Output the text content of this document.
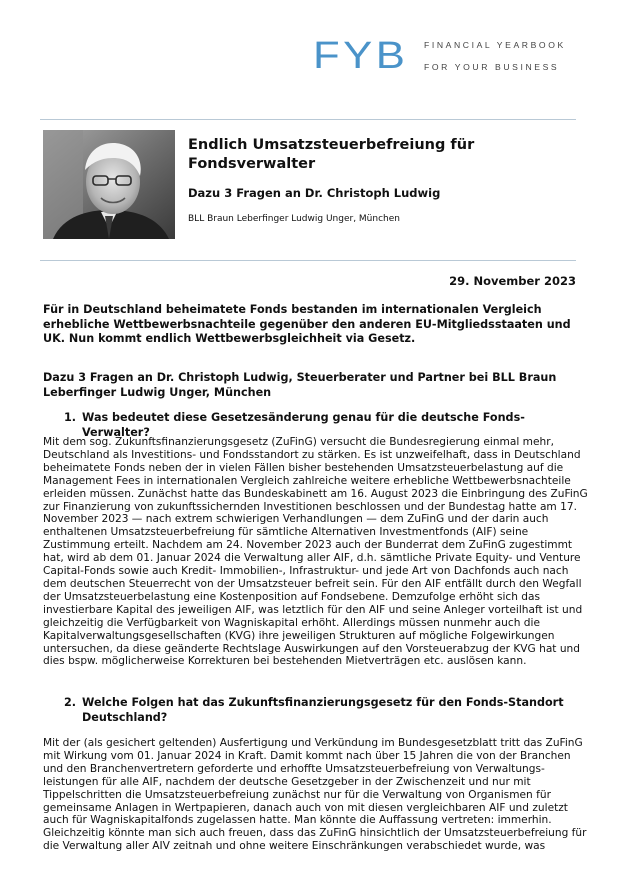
FYB FINANCIAL YEARBOOK
FOR YOUR BUSINESS
Endlich Umsatzsteuerbefreiung für Fondsverwalter
Dazu 3 Fragen an Dr. Christoph Ludwig
BLL Braun Leberfinger Ludwig Unger, München
29. November 2023
Für in Deutschland beheimatete Fonds bestanden im internationalen Vergleich erhebliche Wettbewerbsnachteile gegenüber den anderen EU-Mitgliedsstaaten und UK. Nun kommt endlich Wettbewerbsgleichheit via Gesetz.
Dazu 3 Fragen an Dr. Christoph Ludwig, Steuerberater und Partner bei BLL Braun Leberfinger Ludwig Unger, München
1. Was bedeutet diese Gesetzesänderung genau für die deutsche Fonds-Verwalter?
Mit dem sog. Zukunftsfinanzierungsgesetz (ZuFinG) versucht die Bundesregierung einmal mehr, Deutschland als Investitions- und Fondsstandort zu stärken. Es ist unzweifelhaft, dass in Deutschland beheimatete Fonds neben der in vielen Fällen bisher bestehenden Umsatzsteuerbelastung auf die Management Fees in internationalen Vergleich zahlreiche weitere erhebliche Wettbewerbsnachteile erleiden müssen. Zunächst hatte das Bundeskabinett am 16. August 2023 die Einbringung des ZuFinG zur Finanzierung von zukunftssichernden Investitionen beschlossen und der Bundestag hatte am 17. November 2023 — nach extrem schwierigen Verhandlungen — dem ZuFinG und der darin auch enthaltenen Umsatzsteuerbefreiung für sämtliche Alternativen Investmentfonds (AIF) seine Zustimmung erteilt. Nachdem am 24. November 2023 auch der Bunderrat dem ZuFinG zugestimmt hat, wird ab dem 01. Januar 2024 die Verwaltung aller AIF, d.h. sämtliche Private Equity- und Venture Capital-Fonds sowie auch Kredit- Immobilien-, Infrastruktur- und jede Art von Dachfonds auch nach dem deutschen Steuerrecht von der Umsatzsteuer befreit sein. Für den AIF entfällt durch den Wegfall der Umsatzsteuerbelastung eine Kostenposition auf Fondsebene. Demzufolge erhöht sich das investierbare Kapital des jeweiligen AIF, was letztlich für den AIF und seine Anleger vorteilhaft ist und gleichzeitig die Verfügbarkeit von Wagniskapital erhöht. Allerdings müssen nunmehr auch die Kapitalverwaltungsgesellschaften (KVG) ihre jeweiligen Strukturen auf mögliche Folgewirkungen untersuchen, da diese geänderte Rechtslage Auswirkungen auf den Vorsteuerabzug der KVG hat und dies bspw. möglicherweise Korrekturen bei bestehenden Mietverträgen etc. auslösen kann.
2. Welche Folgen hat das Zukunftsfinanzierungsgesetz für den Fonds-Standort Deutschland?
Mit der (als gesichert geltenden) Ausfertigung und Verkündung im Bundesgesetzblatt tritt das ZuFinG mit Wirkung vom 01. Januar 2024 in Kraft. Damit kommt nach über 15 Jahren die von der Branchen und den Branchenvertretern geforderte und erhoffte Umsatzsteuerbefreiung von Verwaltungs-leistungen für alle AIF, nachdem der deutsche Gesetzgeber in der Zwischenzeit und nur mit Tippelschritten die Umsatzsteuerbefreiung zunächst nur für die Verwaltung von Organismen für gemeinsame Anlagen in Wertpapieren, danach auch von mit diesen vergleichbaren AIF und zuletzt auch für Wagniskapitalfonds zugelassen hatte. Man könnte die Auffassung vertreten: immerhin. Gleichzeitig könnte man sich auch freuen, dass das ZuFinG hinsichtlich der Umsatzsteuerbefreiung für die Verwaltung aller AIV zeitnah und ohne weitere Einschränkungen verabschiedet wurde, was
